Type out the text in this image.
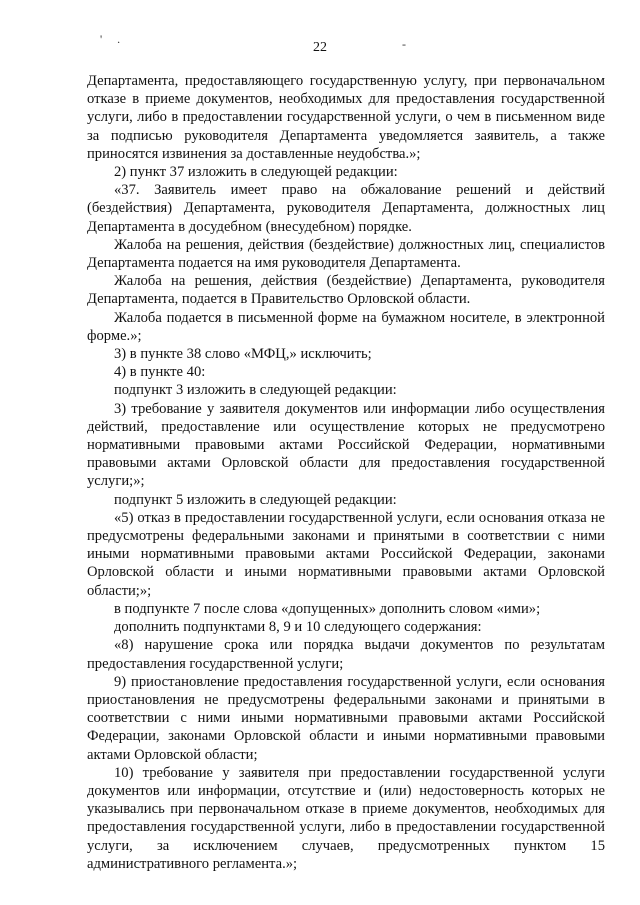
' .	-
22

Департамента, предоставляющего государственную услугу, при первоначальном отказе в приеме документов, необходимых для предоставления государственной услуги, либо в предоставлении государственной услуги, о чем в письменном виде за подписью руководителя Департамента уведомляется заявитель, а также приносятся извинения за доставленные неудобства.»;

2) пункт 37 изложить в следующей редакции:

«37. Заявитель имеет право на обжалование решений и действий (бездействия) Департамента, руководителя Департамента, должностных лиц Департамента в досудебном (внесудебном) порядке.

Жалоба на решения, действия (бездействие) должностных лиц, специалистов Департамента подается на имя руководителя Департамента.

Жалоба на решения, действия (бездействие) Департамента, руководителя Департамента, подается в Правительство Орловской области.

Жалоба подается в письменной форме на бумажном носителе, в электронной форме.»;

3) в пункте 38 слово «МФЦ,» исключить;

4) в пункте 40:

подпункт 3 изложить в следующей редакции:

3) требование у заявителя документов или информации либо осуществления действий, предоставление или осуществление которых не предусмотрено нормативными правовыми актами Российской Федерации, нормативными правовыми актами Орловской области для предоставления государственной услуги;»;

подпункт 5 изложить в следующей редакции:

«5) отказ в предоставлении государственной услуги, если основания отказа не предусмотрены федеральными законами и принятыми в соответствии с ними иными нормативными правовыми актами Российской Федерации, законами Орловской области и иными нормативными правовыми актами Орловской области;»;

в подпункте 7 после слова «допущенных» дополнить словом «ими»;

дополнить подпунктами 8, 9 и 10 следующего содержания:

«8) нарушение срока или порядка выдачи документов по результатам предоставления государственной услуги;

9) приостановление предоставления государственной услуги, если основания приостановления не предусмотрены федеральными законами и принятыми в соответствии с ними иными нормативными правовыми актами Российской Федерации, законами Орловской области и иными нормативными правовыми актами Орловской области;

10) требование у заявителя при предоставлении государственной услуги документов или информации, отсутствие и (или) недостоверность которых не указывались при первоначальном отказе в приеме документов, необходимых для предоставления государственной услуги, либо в предоставлении государственной услуги, за исключением случаев, предусмотренных пунктом 15 административного регламента.»;
